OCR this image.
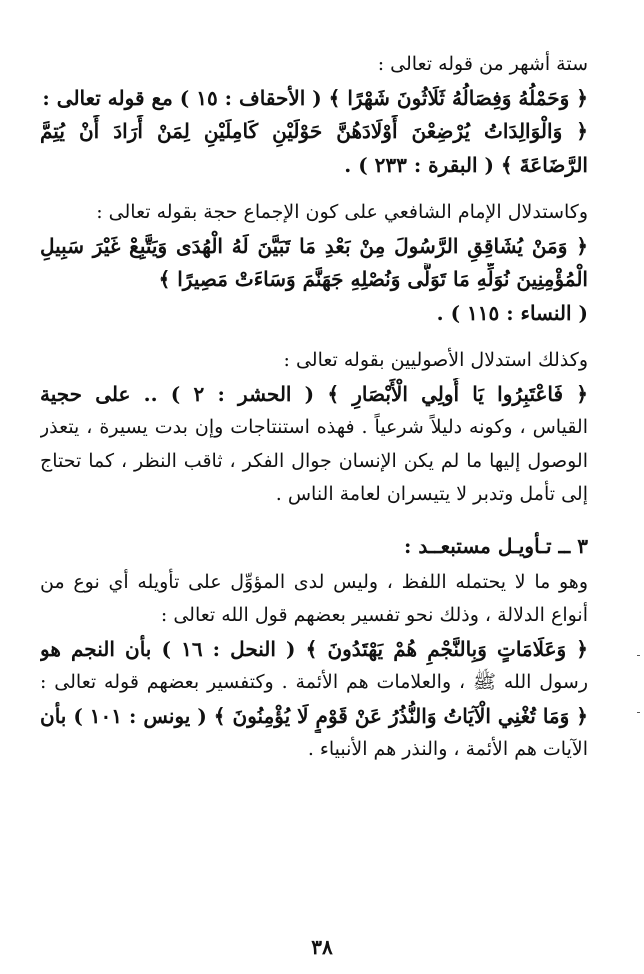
ستة أشهر من قوله تعالى :
﴿ وَحَمْلُهُ وَفِصَالُهُ ثَلَاثُونَ شَهْرًا ﴾ ( الأحقاف : ١٥ ) مع قوله تعالى :
﴿ وَالْوَالِدَاتُ يُرْضِعْنَ أَوْلَادَهُنَّ حَوْلَيْنِ كَامِلَيْنِ لِمَنْ أَرَادَ أَنْ يُتِمَّ
الرَّضَاعَةَ ﴾ ( البقرة : ٢٣٣ ) .
وكاستدلال الإمام الشافعي على كون الإجماع حجة بقوله تعالى :
﴿ وَمَنْ يُشَاقِقِ الرَّسُولَ مِنْ بَعْدِ مَا تَبَيَّنَ لَهُ الْهُدَى وَيَتَّبِعْ غَيْرَ سَبِيلِ
الْمُؤْمِنِينَ نُوَلِّهِ مَا تَوَلَّى وَنُصْلِهِ جَهَنَّمَ وَسَاءَتْ مَصِيرًا ﴾
( النساء : ١١٥ ) .
وكذلك استدلال الأصوليين بقوله تعالى :
﴿ فَاعْتَبِرُوا يَا أُولِي الْأَبْصَارِ ﴾ ( الحشر : ٢ ) .. على حجية
القياس ، وكونه دليلاً شرعياً . فهذه استنتاجات وإن بدت يسيرة ، يتعذر
الوصول إليها ما لم يكن الإنسان جوال الفكر ، ثاقب النظر ، كما تحتاج
إلى تأمل وتدبر لا يتيسران لعامة الناس .
٣ ــ تـأويـل مستبعــد :
وهو ما لا يحتمله اللفظ ، وليس لدى المؤوِّل على تأويله أي نوع من
أنواع الدلالة ، وذلك نحو تفسير بعضهم قول الله تعالى :
﴿ وَعَلَامَاتٍ وَبِالنَّجْمِ هُمْ يَهْتَدُونَ ﴾ ( النحل : ١٦ ) بأن النجم هو
رسول الله ﷺ ، والعلامات هم الأئمة . وكتفسير بعضهم قوله تعالى :
﴿ وَمَا تُغْنِي الْآيَاتُ وَالنُّذُرُ عَنْ قَوْمٍ لَا يُؤْمِنُونَ ﴾ ( يونس : ١٠١ ) بأن
الآيات هم الأئمة ، والنذر هم الأنبياء .
٣٨
